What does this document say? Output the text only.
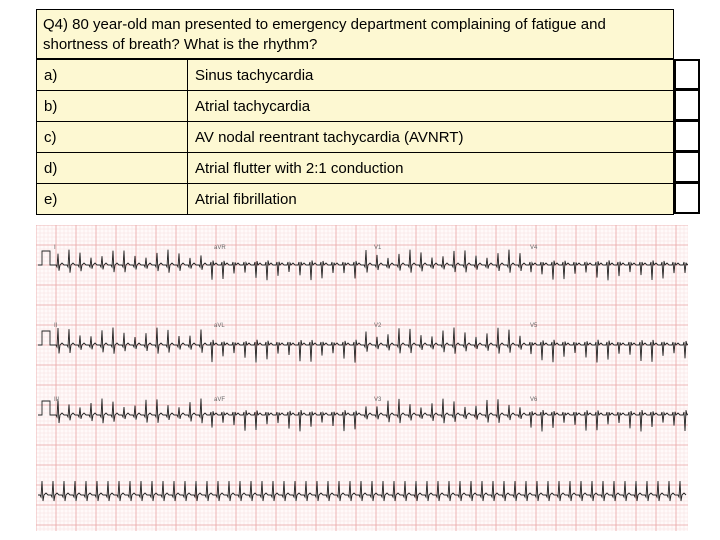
Q4) 80 year-old man presented to emergency department complaining of fatigue and shortness of breath? What is the rhythm?
a)	Sinus tachycardia
b)	Atrial tachycardia
c)	AV nodal reentrant tachycardia (AVNRT)
d)	Atrial flutter with 2:1 conduction
e)	Atrial fibrillation
I	aVR	V1	V4
II	aVL	V2	V5
III	aVF	V3	V6
